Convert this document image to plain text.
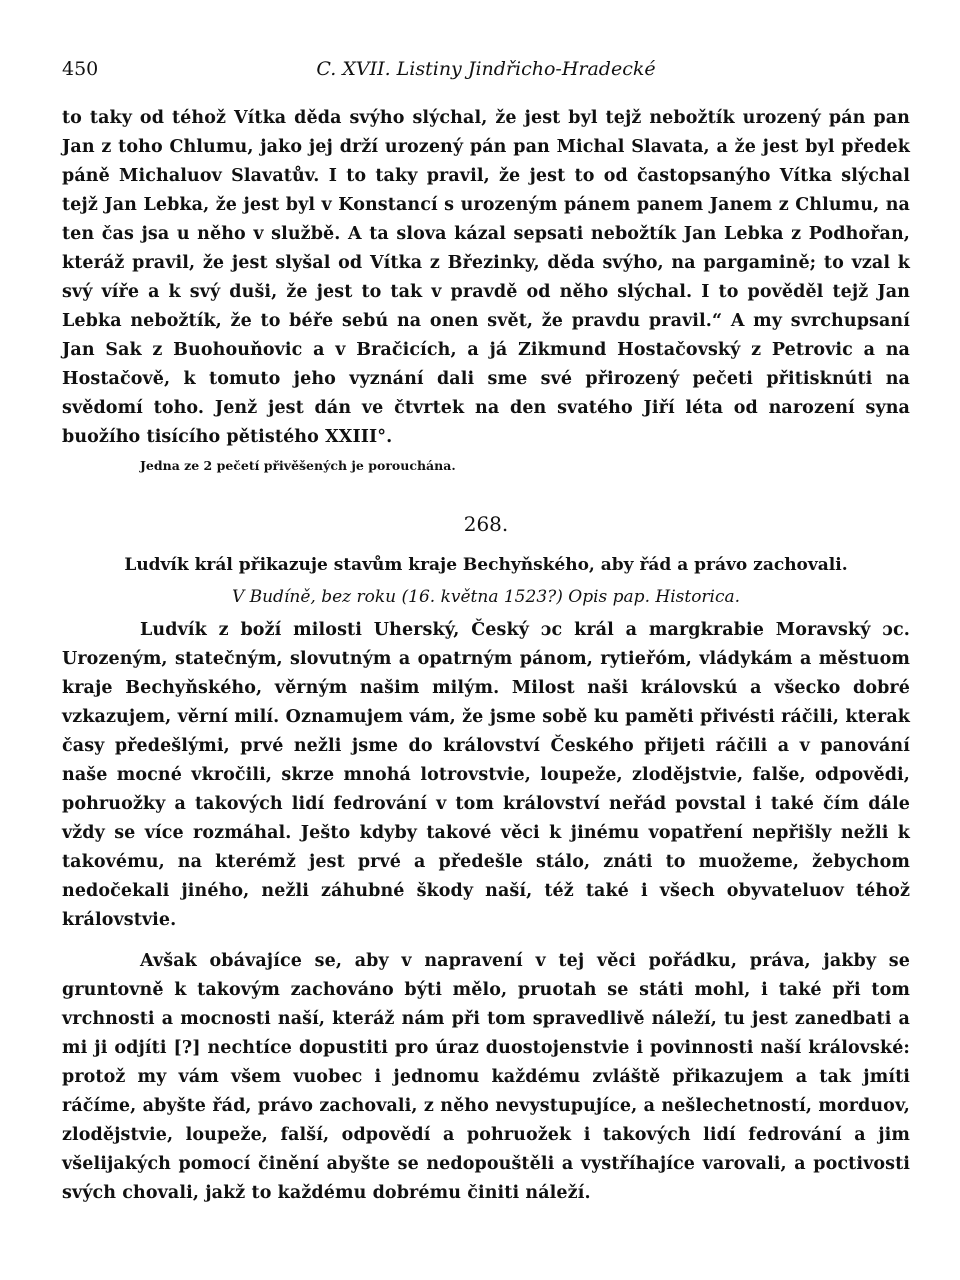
450	C. XVII. Listiny Jindřicho-Hradecké

to taky od téhož Vítka děda svýho slýchal, že jest byl tejž nebožtík urozený pán pan Jan z toho Chlumu, jako jej drží urozený pán pan Michal Slavata, a že jest byl předek páně Michaluov Slavatův. I to taky pravil, že jest to od častopsanýho Vítka slýchal tejž Jan Lebka, že jest byl v Konstancí s urozeným pánem panem Janem z Chlumu, na ten čas jsa u něho v službě. A ta slova kázal sepsati nebožtík Jan Lebka z Podhořan, kteráž pravil, že jest slyšal od Vítka z Březinky, děda svýho, na pargamině; to vzal k svý víře a k svý duši, že jest to tak v pravdě od něho slýchal. I to pověděl tejž Jan Lebka nebožtík, že to béře sebú na onen svět, že pravdu pravil.“ A my svrchupsaní Jan Sak z Buohouňovic a v Bračicích, a já Zikmund Hostačovský z Petrovic a na Hostačově, k tomuto jeho vyznání dali sme své přirozený pečeti přitisknúti na svědomí toho. Jenž jest dán ve čtvrtek na den svatého Jiří léta od narození syna buožího tisícího pětistého XXIII°.

Jedna ze 2 pečetí přivěšených je porouchána.

268.
Ludvík král přikazuje stavům kraje Bechyňského, aby řád a právo zachovali.
V Budíně, bez roku (16. května 1523?) Opis pap. Historica.

Ludvík z boží milosti Uherský, Český ɔc král a margkrabie Moravský ɔc. Urozeným, statečným, slovutným a opatrným pánom, rytieřóm, vládykám a městuom kraje Bechyňského, věrným našim milým. Milost naši královskú a všecko dobré vzkazujem, věrní milí. Oznamujem vám, že jsme sobě ku paměti přivésti ráčili, kterak časy předešlými, prvé nežli jsme do království Českého přijeti ráčili a v panování naše mocné vkročili, skrze mnohá lotrovstvie, loupeže, zlodějstvie, falše, odpovědi, pohruožky a takových lidí fedrování v tom království neřád povstal i také čím dále vždy se více rozmáhal. Ješto kdyby takové věci k jinému vopatření nepřišly nežli k takovému, na kterémž jest prvé a předešle stálo, znáti to muožeme, žebychom nedočekali jiného, nežli záhubné škody naší, též také i všech obyvateluov téhož královstvie.

Avšak obávajíce se, aby v napravení v tej věci pořádku, práva, jakby se gruntovně k takovým zachováno býti mělo, pruotah se státi mohl, i také při tom vrchnosti a mocnosti naší, kteráž nám při tom spravedlivě náleží, tu jest zanedbati a mi ji odjíti [?] nechtíce dopustiti pro úraz duostojenstvie i povinnosti naší královské: protož my vám všem vuobec i jednomu každému zvláště přikazujem a tak jmíti ráčíme, abyšte řád, právo zachovali, z něho nevystupujíce, a nešlechetností, morduov, zlodějstvie, loupeže, falší, odpovědí a pohruožek i takových lidí fedrování a jim všelijakých pomocí činění abyšte se nedopouštěli a vystříhajíce varovali, a poctivosti svých chovali, jakž to každému dobrému činiti náleží.
